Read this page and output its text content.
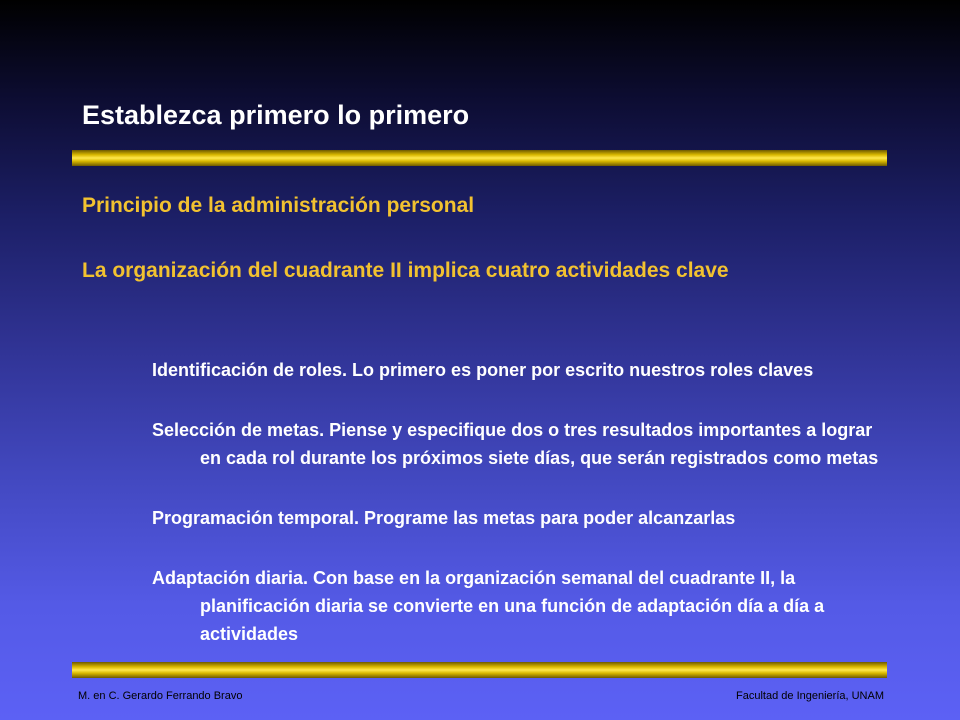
Establezca primero lo primero
Principio de la administración personal
La organización del cuadrante II implica cuatro actividades clave
Identificación de roles. Lo primero es poner por escrito nuestros roles claves
Selección de metas. Piense y especifique dos o tres resultados importantes a lograr en cada rol durante los próximos siete días, que serán registrados como metas
Programación temporal. Programe las metas para poder alcanzarlas
Adaptación diaria. Con base en la organización semanal del cuadrante II, la planificación diaria se convierte en una función de adaptación día a día a actividades
M. en C. Gerardo Ferrando Bravo	Facultad de Ingeniería, UNAM
